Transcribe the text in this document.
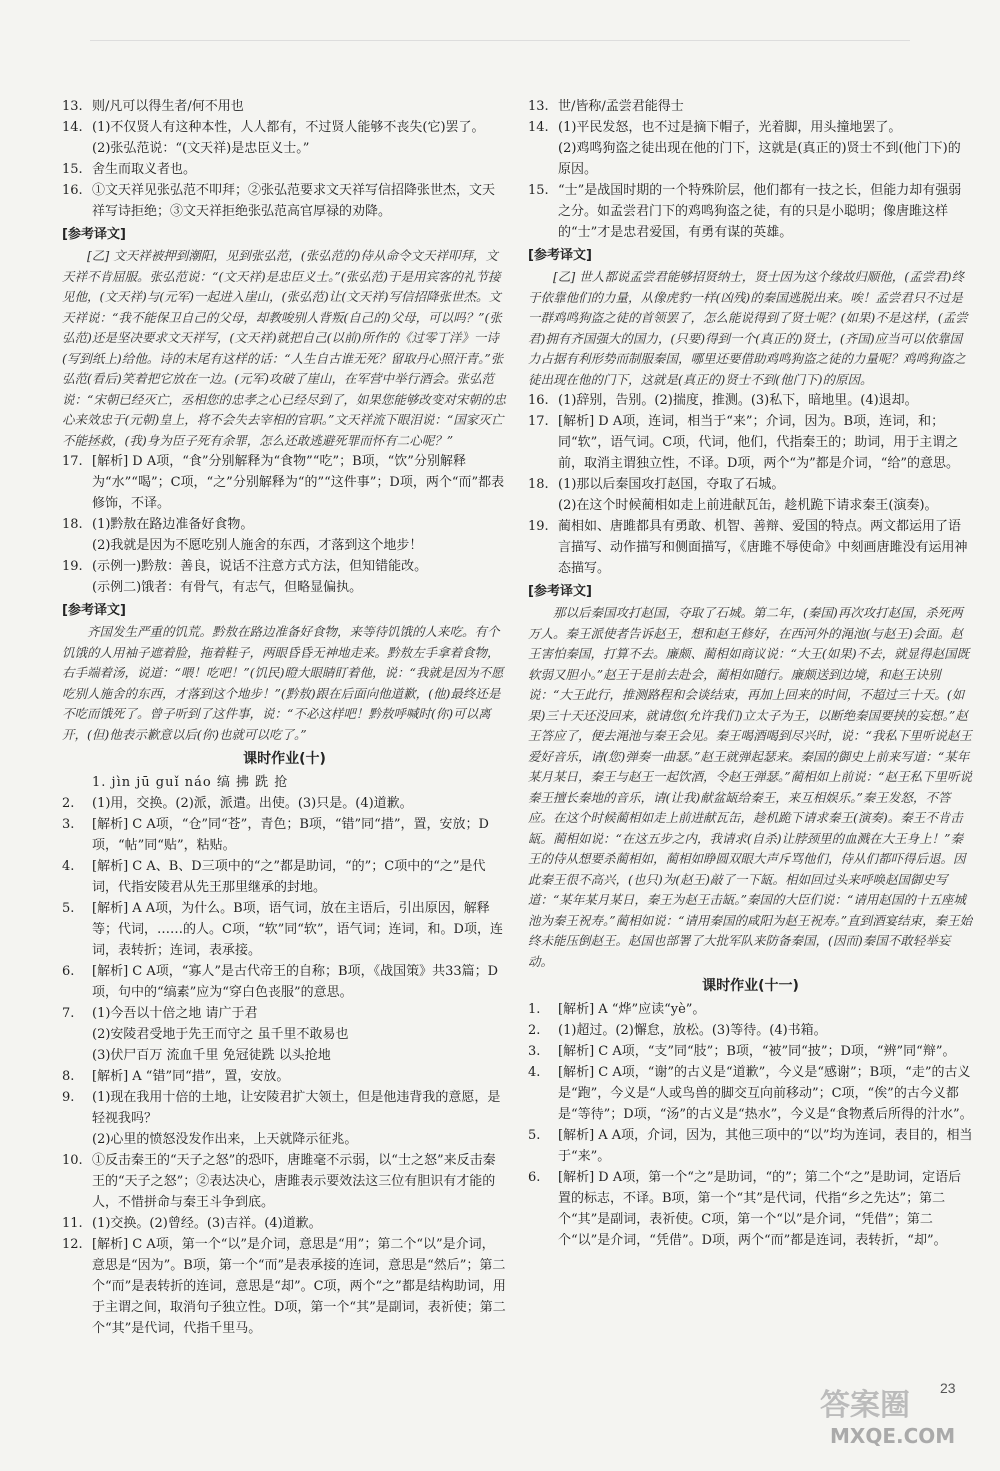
13. 则/凡可以得生者/何不用也

14. (1)不仅贤人有这种本性，人人都有，不过贤人能够不丧失(它)罢了。

(2)张弘范说：“(文天祥)是忠臣义士。”

15. 舍生而取义者也。

16. ①文天祥见张弘范不叩拜；②张弘范要求文天祥写信招降张世杰，文天祥写诗拒绝；③文天祥拒绝张弘范高官厚禄的劝降。

[参考译文]

[乙] 文天祥被押到潮阳，见到张弘范，(张弘范的)侍从命令文天祥叩拜，文天祥不肯屈服。张弘范说：“(文天祥)是忠臣义士。”(张弘范)于是用宾客的礼节接见他，(文天祥)与(元军)一起进入崖山，(张弘范)让(文天祥)写信招降张世杰。文天祥说：“我不能保卫自己的父母，却教唆别人背叛(自己的)父母，可以吗？”(张弘范)还是坚决要求文天祥写，(文天祥)就把自己(以前)所作的《过零丁洋》一诗(写到纸上)给他。诗的末尾有这样的话：“人生自古谁无死？留取丹心照汗青。”张弘范(看后)笑着把它放在一边。(元军)攻破了崖山，在军营中举行酒会。张弘范说：“宋朝已经灭亡，丞相您的忠孝之心已经尽到了，如果您能够改变对宋朝的忠心来效忠于(元朝)皇上，将不会失去宰相的官职。”文天祥流下眼泪说：“国家灭亡不能拯救，(我)身为臣子死有余罪，怎么还敢逃避死罪而怀有二心呢？”

17. [解析] D A项，“食”分别解释为“食物”“吃”；B项，“饮”分别解释为“水”“喝”；C项，“之”分别解释为“的”“这件事”；D项，两个“而”都表修饰，不译。

18. (1)黔敖在路边准备好食物。

(2)我就是因为不愿吃别人施舍的东西，才落到这个地步！

19. (示例一)黔敖：善良，说话不注意方式方法，但知错能改。

(示例二)饿者：有骨气，有志气，但略显偏执。

[参考译文]

齐国发生严重的饥荒。黔敖在路边准备好食物，来等待饥饿的人来吃。有个饥饿的人用袖子遮着脸，拖着鞋子，两眼昏昏无神地走来。黔敖左手拿着食物，右手端着汤，说道：“喂！吃吧！”(饥民)瞪大眼睛盯着他，说：“我就是因为不愿吃别人施舍的东西，才落到这个地步！”(黔敖)跟在后面向他道歉，(他)最终还是不吃而饿死了。曾子听到了这件事，说：“不必这样吧！黔敖呼喊时(你)可以离开，(但)他表示歉意以后(你)也就可以吃了。”

课时作业(十)

1. jìn jū guǐ náo 缟 拂 跣 抢

2. (1)用，交换。(2)派，派遣。出使。(3)只是。(4)道歉。

3. [解析] C A项，“仓”同“苍”，青色；B项，“错”同“措”，置，安放；D项，“帖”同“贴”，粘贴。

4. [解析] C A、B、D三项中的“之”都是助词，“的”；C项中的“之”是代词，代指安陵君从先王那里继承的封地。

5. [解析] A A项，为什么。B项，语气词，放在主语后，引出原因，解释等；代词，……的人。C项，“软”同“软”，语气词；连词，和。D项，连词，表转折；连词，表承接。

6. [解析] C A项，“寡人”是古代帝王的自称；B项，《战国策》共33篇；D项，句中的“缟素”应为“穿白色丧服”的意思。

7. (1)今吾以十倍之地 请广于君

(2)安陵君受地于先王而守之 虽千里不敢易也

(3)伏尸百万 流血千里 免冠徒跣 以头抢地

8. [解析] A “错”同“措”，置，安放。

9. (1)现在我用十倍的土地，让安陵君扩大领土，但是他违背我的意愿，是轻视我吗？

(2)心里的愤怒没发作出来，上天就降示征兆。

10. ①反击秦王的“天子之怒”的恐吓，唐雎毫不示弱，以“士之怒”来反击秦王的“天子之怒”；②表达决心，唐雎表示要效法这三位有胆识有才能的人，不惜拼命与秦王斗争到底。

11. (1)交换。(2)曾经。(3)吉祥。(4)道歉。

12. [解析] C A项，第一个“以”是介词，意思是“用”；第二个“以”是介词，意思是“因为”。B项，第一个“而”是表承接的连词，意思是“然后”；第二个“而”是表转折的连词，意思是“却”。C项，两个“之”都是结构助词，用于主谓之间，取消句子独立性。D项，第一个“其”是副词，表祈使；第二个“其”是代词，代指千里马。

13. 世/皆称/孟尝君能得士

14. (1)平民发怒，也不过是摘下帽子，光着脚，用头撞地罢了。

(2)鸡鸣狗盗之徒出现在他的门下，这就是(真正的)贤士不到(他门下)的原因。

15. “士”是战国时期的一个特殊阶层，他们都有一技之长，但能力却有强弱之分。如孟尝君门下的鸡鸣狗盗之徒，有的只是小聪明；像唐雎这样的“士”才是忠君爱国，有勇有谋的英雄。

[参考译文]

[乙] 世人都说孟尝君能够招贤纳士，贤士因为这个缘故归顺他，(孟尝君)终于依靠他们的力量，从像虎豹一样(凶残)的秦国逃脱出来。唉！孟尝君只不过是一群鸡鸣狗盗之徒的首领罢了，怎么能说得到了贤士呢？(如果)不是这样，(孟尝君)拥有齐国强大的国力，(只要)得到一个(真正的)贤士，(齐国)应当可以依靠国力占据有利形势而制服秦国，哪里还要借助鸡鸣狗盗之徒的力量呢？鸡鸣狗盗之徒出现在他的门下，这就是(真正的)贤士不到(他门下)的原因。

16. (1)辞别，告别。(2)揣度，推测。(3)私下，暗地里。(4)退却。

17. [解析] D A项，连词，相当于“来”；介词，因为。B项，连词，和；同“软”，语气词。C项，代词，他们，代指秦王的；助词，用于主谓之前，取消主谓独立性，不译。D项，两个“为”都是介词，“给”的意思。

18. (1)那以后秦国攻打赵国，夺取了石城。

(2)在这个时候蔺相如走上前进献瓦缶，趁机跪下请求秦王(演奏)。

19. 蔺相如、唐雎都具有勇敢、机智、善辩、爱国的特点。两文都运用了语言描写、动作描写和侧面描写，《唐雎不辱使命》中刻画唐雎没有运用神态描写。

[参考译文]

那以后秦国攻打赵国，夺取了石城。第二年，(秦国)再次攻打赵国，杀死两万人。秦王派使者告诉赵王，想和赵王修好，在西河外的渑池(与赵王)会面。赵王害怕秦国，打算不去。廉颇、蔺相如商议说：“大王(如果)不去，就显得赵国既软弱又胆小。”赵王于是前去赴会，蔺相如随行。廉颇送到边境，和赵王诀别说：“大王此行，推测路程和会谈结束，再加上回来的时间，不超过三十天。(如果)三十天还没回来，就请您(允许我们)立太子为王，以断绝秦国要挟的妄想。”赵王答应了，便去渑池与秦王会见。秦王喝酒喝到尽兴时，说：“我私下里听说赵王爱好音乐，请(您)弹奏一曲瑟。”赵王就弹起瑟来。秦国的御史上前来写道：“某年某月某日，秦王与赵王一起饮酒，令赵王弹瑟。”蔺相如上前说：“赵王私下里听说秦王擅长秦地的音乐，请(让我)献盆缻给秦王，来互相娱乐。”秦王发怒，不答应。在这个时候蔺相如走上前进献瓦缶，趁机跪下请求秦王(演奏)。秦王不肯击缻。蔺相如说：“在这五步之内，我请求(自杀)让脖颈里的血溅在大王身上！”秦王的侍从想要杀蔺相如，蔺相如睁圆双眼大声斥骂他们，侍从们都吓得后退。因此秦王很不高兴，(也只)为(赵王)敲了一下缻。相如回过头来呼唤赵国御史写道：“某年某月某日，秦王为赵王击缻。”秦国的大臣们说：“请用赵国的十五座城池为秦王祝寿。”蔺相如说：“请用秦国的咸阳为赵王祝寿。”直到酒宴结束，秦王始终未能压倒赵王。赵国也部署了大批军队来防备秦国，(因而)秦国不敢轻举妄动。

课时作业(十一)

1. [解析] A “烨”应读“yè”。

2. (1)超过。(2)懈怠，放松。(3)等待。(4)书箱。

3. [解析] C A项，“支”同“肢”；B项，“被”同“披”；D项，“辨”同“辩”。

4. [解析] C A项，“谢”的古义是“道歉”，今义是“感谢”；B项，“走”的古义是“跑”，今义是“人或鸟兽的脚交互向前移动”；C项，“俟”的古今义都是“等待”；D项，“汤”的古义是“热水”，今义是“食物煮后所得的汁水”。

5. [解析] A A项，介词，因为，其他三项中的“以”均为连词，表目的，相当于“来”。

6. [解析] D A项，第一个“之”是助词，“的”；第二个“之”是助词，定语后置的标志，不译。B项，第一个“其”是代词，代指“乡之先达”；第二个“其”是副词，表祈使。C项，第一个“以”是介词，“凭借”；第二个“以”是介词，“凭借”。D项，两个“而”都是连词，表转折，“却”。

23
答案圈
MXQE.COM
